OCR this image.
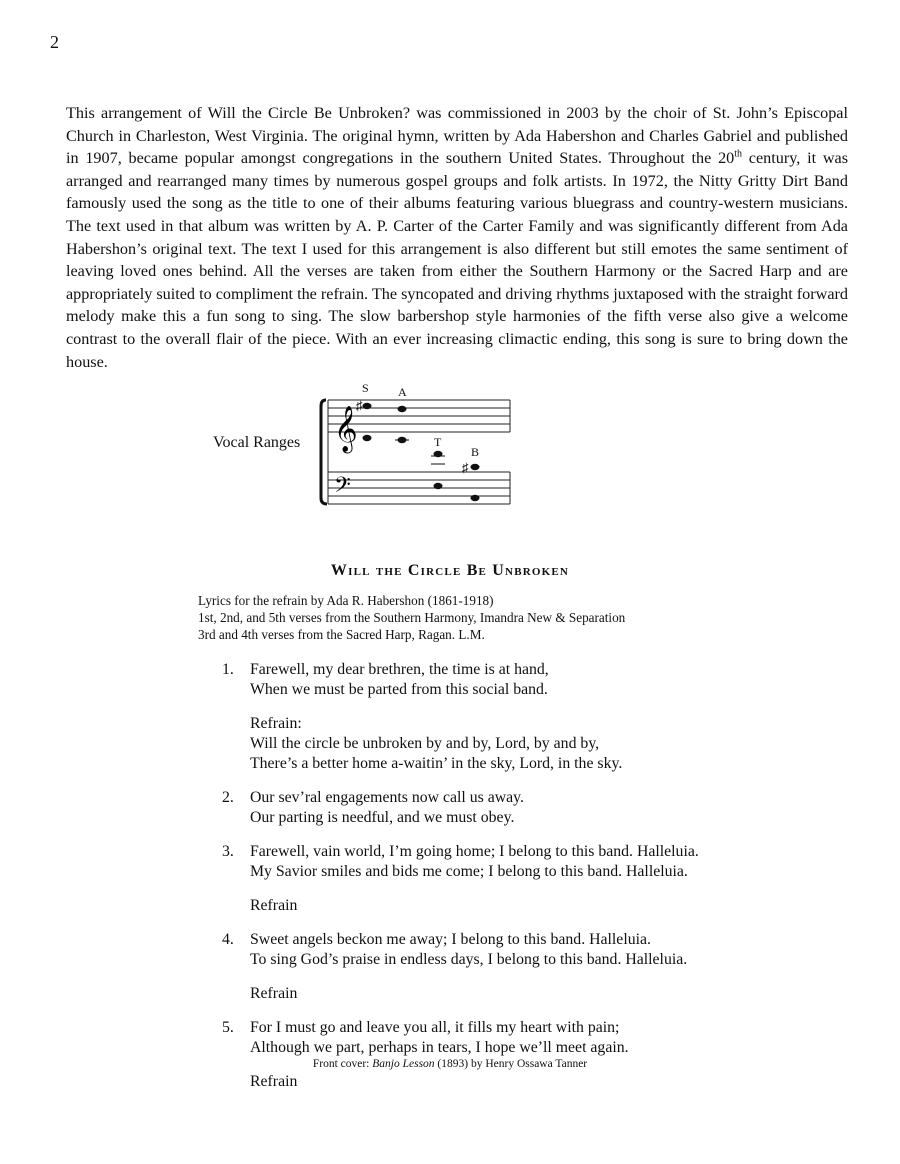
2

This arrangement of Will the Circle Be Unbroken? was commissioned in 2003 by the choir of St. John’s Episcopal Church in Charleston, West Virginia. The original hymn, written by Ada Habershon and Charles Gabriel and published in 1907, became popular amongst congregations in the southern United States. Throughout the 20th century, it was arranged and rearranged many times by numerous gospel groups and folk artists. In 1972, the Nitty Gritty Dirt Band famously used the song as the title to one of their albums featuring various bluegrass and country-western musicians. The text used in that album was written by A. P. Carter of the Carter Family and was significantly different from Ada Habershon’s original text. The text I used for this arrangement is also different but still emotes the same sentiment of leaving loved ones behind. All the verses are taken from either the Southern Harmony or the Sacred Harp and are appropriately suited to compliment the refrain. The syncopated and driving rhythms juxtaposed with the straight forward melody make this a fun song to sing. The slow barbershop style harmonies of the fifth verse also give a welcome contrast to the overall flair of the piece. With an ever increasing climactic ending, this song is sure to bring down the house.

Vocal Ranges 𝄞
𝄢
S A
T
B
♯
♯
Will the Circle Be Unbroken
Lyrics for the refrain by Ada R. Habershon (1861-1918)
1st, 2nd, and 5th verses from the Southern Harmony, Imandra New & Separation
3rd and 4th verses from the Sacred Harp, Ragan. L.M.
1.	Farewell, my dear brethren, the time is at hand,
When we must be parted from this social band.
Refrain:
Will the circle be unbroken by and by, Lord, by and by,
There’s a better home a-waitin’ in the sky, Lord, in the sky.
2.	Our sev’ral engagements now call us away.
Our parting is needful, and we must obey.
3.	Farewell, vain world, I’m going home; I belong to this band. Halleluia.
My Savior smiles and bids me come; I belong to this band. Halleluia.
Refrain
4.	Sweet angels beckon me away; I belong to this band. Halleluia.
To sing God’s praise in endless days, I belong to this band. Halleluia.
Refrain
5.	For I must go and leave you all, it fills my heart with pain;
Although we part, perhaps in tears, I hope we’ll meet again.
Refrain
Front cover: Banjo Lesson (1893) by Henry Ossawa Tanner
